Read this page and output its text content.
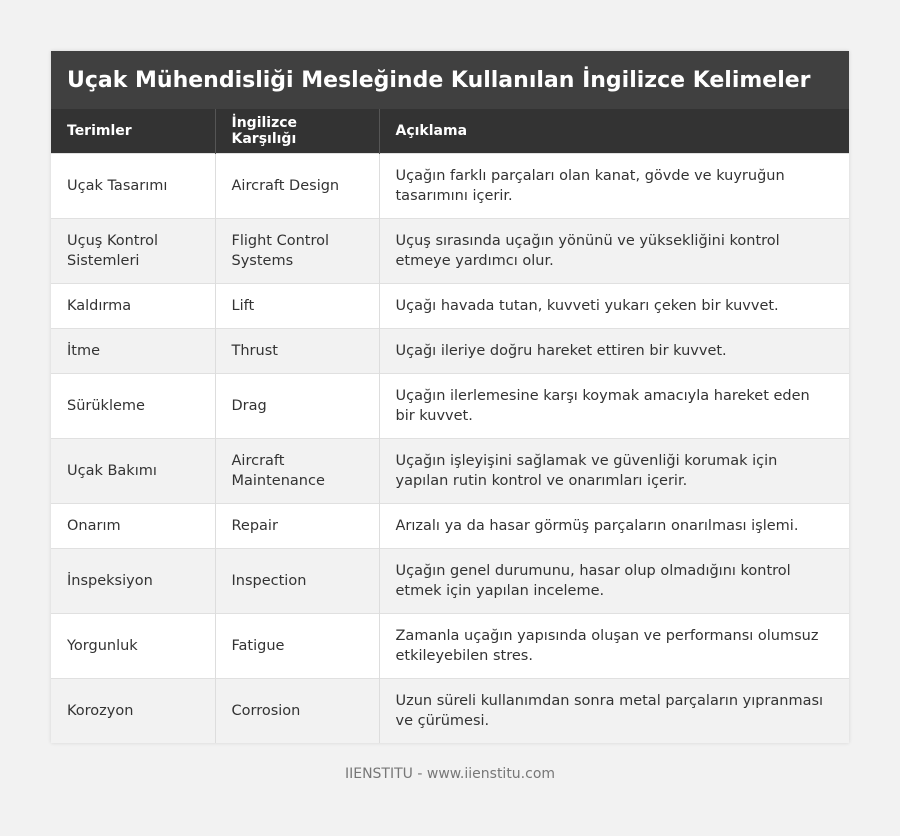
Uçak Mühendisliği Mesleğinde Kullanılan İngilizce Kelimeler
Terimler	İngilizce Karşılığı	Açıklama
Uçak Tasarımı	Aircraft Design	Uçağın farklı parçaları olan kanat, gövde ve kuyruğun tasarımını içerir.
Uçuş Kontrol Sistemleri	Flight Control Systems	Uçuş sırasında uçağın yönünü ve yüksekliğini kontrol etmeye yardımcı olur.
Kaldırma	Lift	Uçağı havada tutan, kuvveti yukarı çeken bir kuvvet.
İtme	Thrust	Uçağı ileriye doğru hareket ettiren bir kuvvet.
Sürükleme	Drag	Uçağın ilerlemesine karşı koymak amacıyla hareket eden bir kuvvet.
Uçak Bakımı	Aircraft Maintenance	Uçağın işleyişini sağlamak ve güvenliği korumak için yapılan rutin kontrol ve onarımları içerir.
Onarım	Repair	Arızalı ya da hasar görmüş parçaların onarılması işlemi.
İnspeksiyon	Inspection	Uçağın genel durumunu, hasar olup olmadığını kontrol etmek için yapılan inceleme.
Yorgunluk	Fatigue	Zamanla uçağın yapısında oluşan ve performansı olumsuz etkileyebilen stres.
Korozyon	Corrosion	Uzun süreli kullanımdan sonra metal parçaların yıpranması ve çürümesi.
IIENSTITU - www.iienstitu.com
